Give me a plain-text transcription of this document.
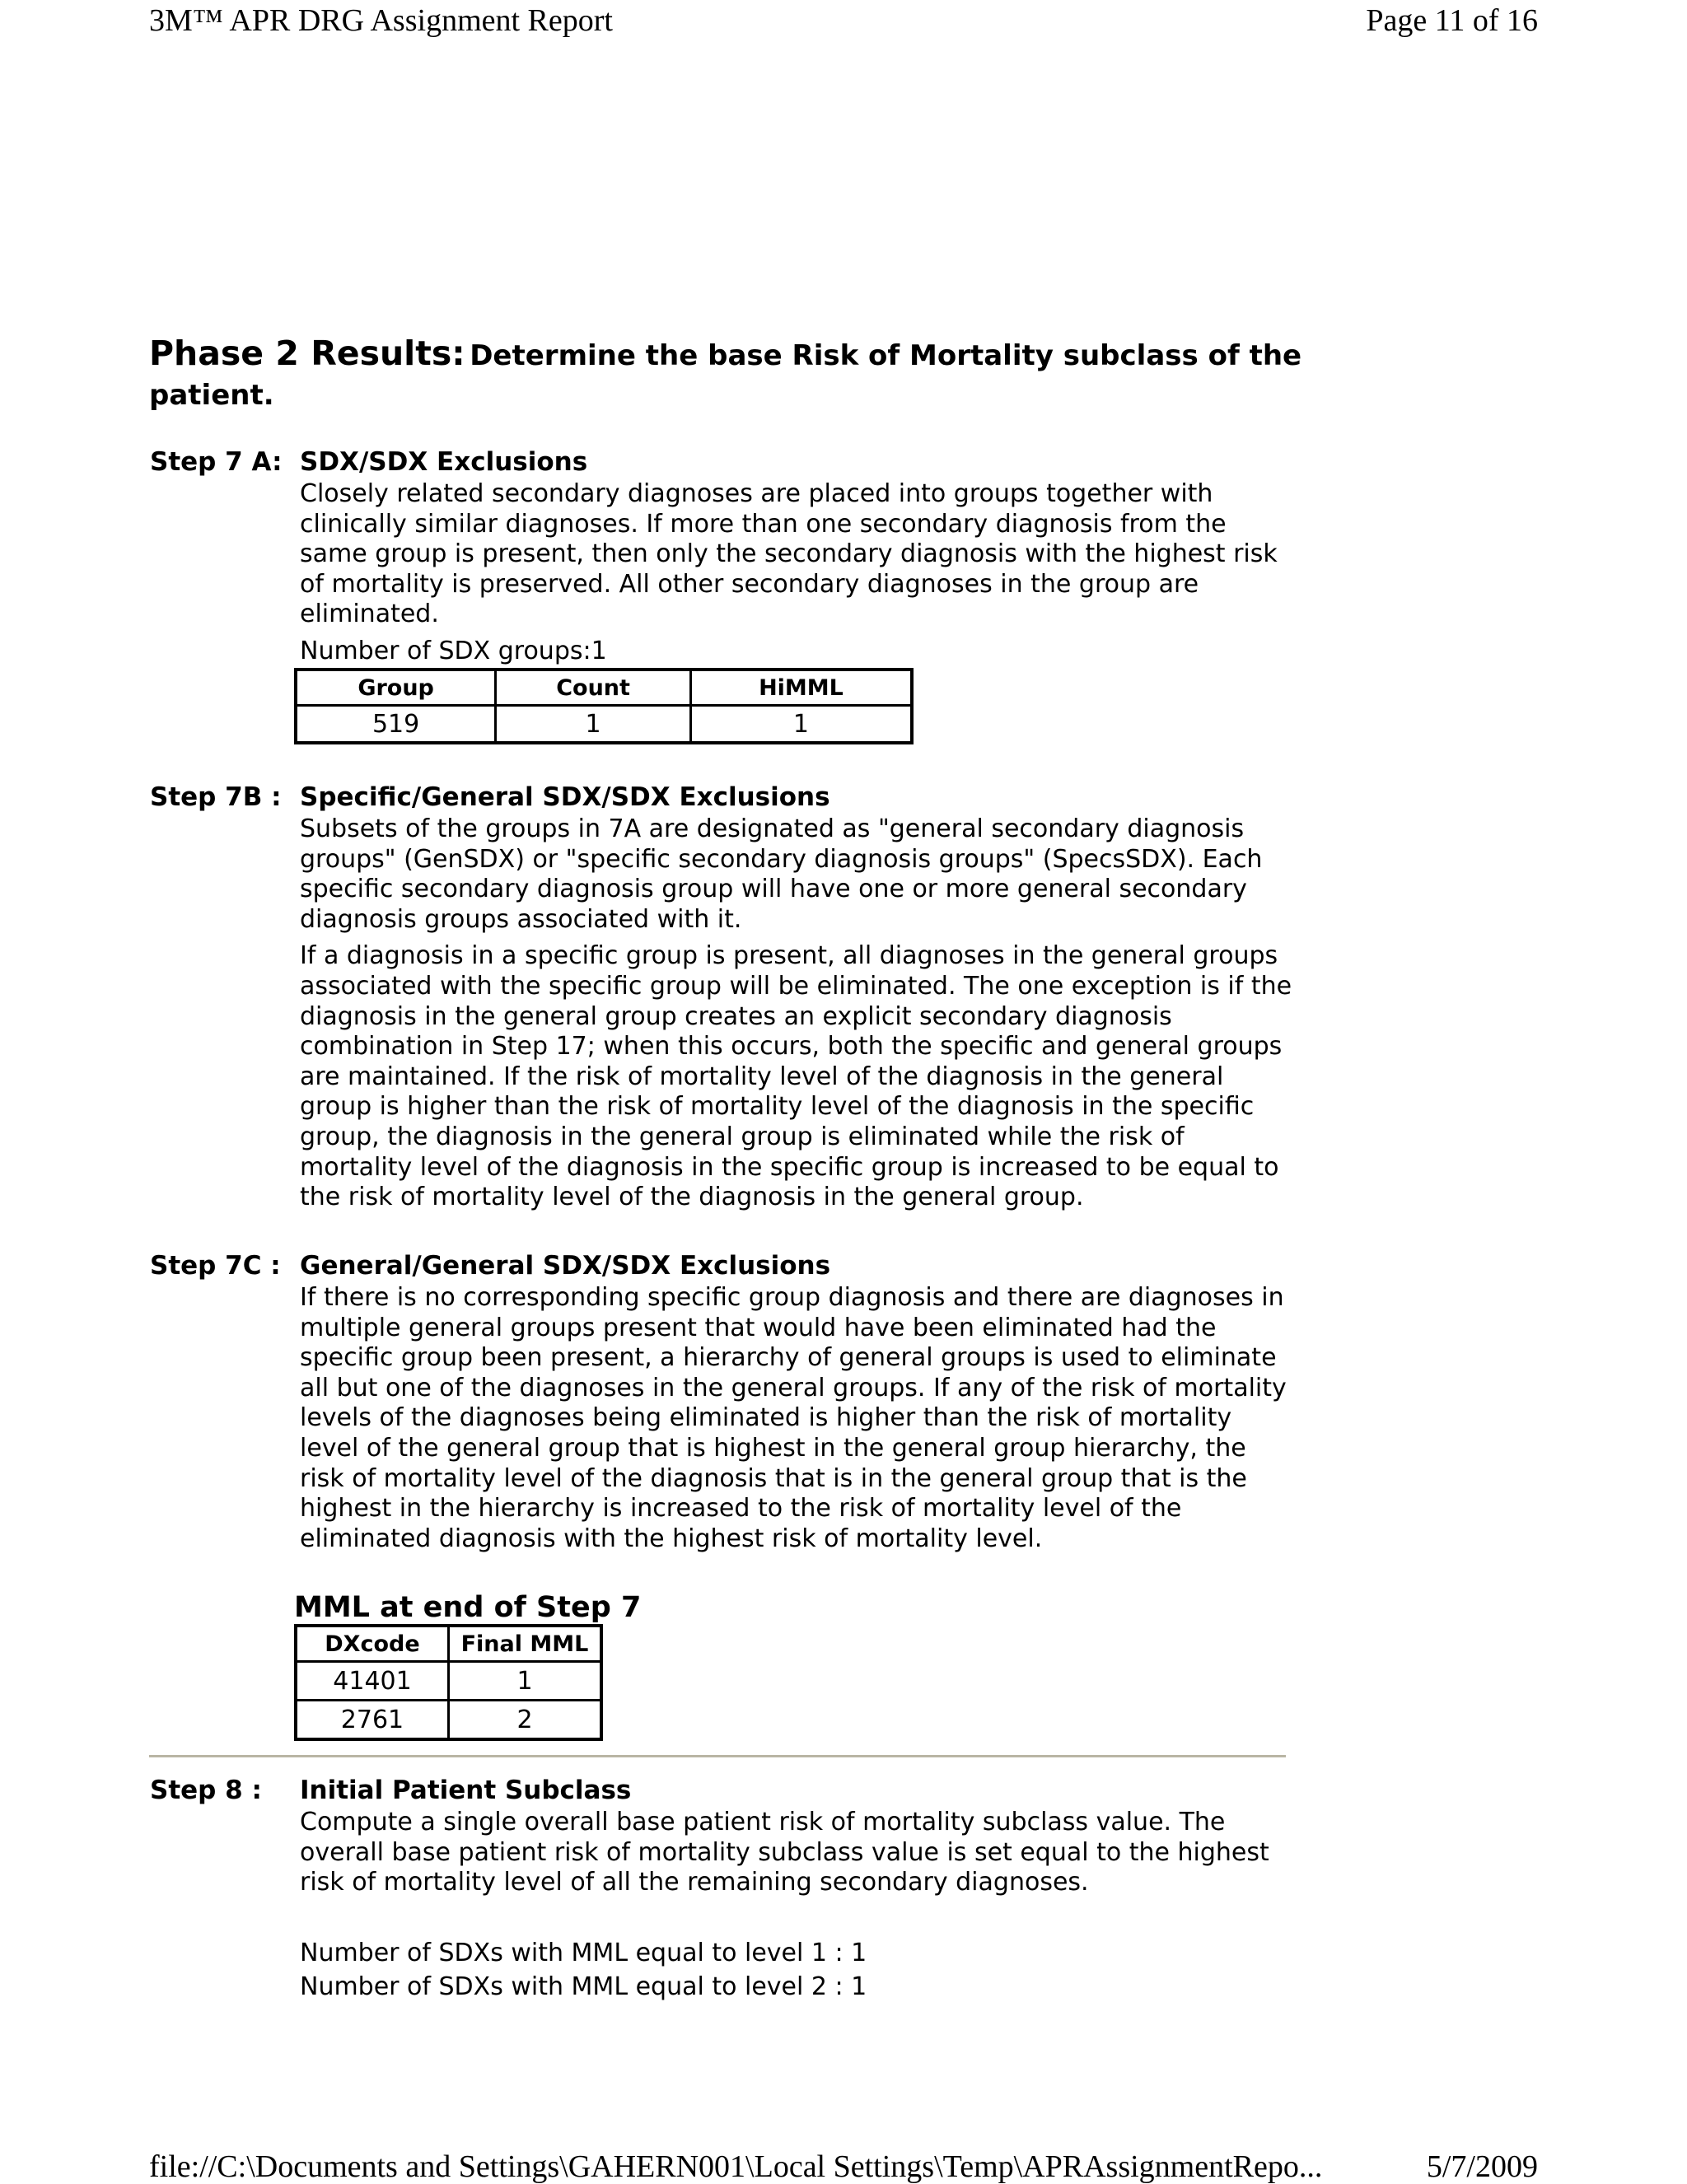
3M™ APR DRG Assignment Report	Page 11 of 16
Phase 2 Results: Determine the base Risk of Mortality subclass of the patient.
Step 7 A: SDX/SDX Exclusions

Closely related secondary diagnoses are placed into groups together with clinically similar diagnoses. If more than one secondary diagnosis from the same group is present, then only the secondary diagnosis with the highest risk of mortality is preserved. All other secondary diagnoses in the group are eliminated.

Number of SDX groups:1
Group	Count	HiMML
519	1	1
Step 7B : Specific/General SDX/SDX Exclusions

Subsets of the groups in 7A are designated as "general secondary diagnosis groups" (GenSDX) or "specific secondary diagnosis groups" (SpecsSDX). Each specific secondary diagnosis group will have one or more general secondary diagnosis groups associated with it.

If a diagnosis in a specific group is present, all diagnoses in the general groups associated with the specific group will be eliminated. The one exception is if the diagnosis in the general group creates an explicit secondary diagnosis combination in Step 17; when this occurs, both the specific and general groups are maintained. If the risk of mortality level of the diagnosis in the general group is higher than the risk of mortality level of the diagnosis in the specific group, the diagnosis in the general group is eliminated while the risk of mortality level of the diagnosis in the specific group is increased to be equal to the risk of mortality level of the diagnosis in the general group.

Step 7C : General/General SDX/SDX Exclusions

If there is no corresponding specific group diagnosis and there are diagnoses in multiple general groups present that would have been eliminated had the specific group been present, a hierarchy of general groups is used to eliminate all but one of the diagnoses in the general groups. If any of the risk of mortality levels of the diagnoses being eliminated is higher than the risk of mortality level of the general group that is highest in the general group hierarchy, the risk of mortality level of the diagnosis that is in the general group that is the highest in the hierarchy is increased to the risk of mortality level of the eliminated diagnosis with the highest risk of mortality level.

MML at end of Step 7
DXcode	Final MML
41401	1
2761	2
Step 8 : Initial Patient Subclass

Compute a single overall base patient risk of mortality subclass value. The overall base patient risk of mortality subclass value is set equal to the highest risk of mortality level of all the remaining secondary diagnoses.

Number of SDXs with MML equal to level 1 : 1
Number of SDXs with MML equal to level 2 : 1
file://C:\Documents and Settings\GAHERN001\Local Settings\Temp\APRAssignmentRepo...	5/7/2009
